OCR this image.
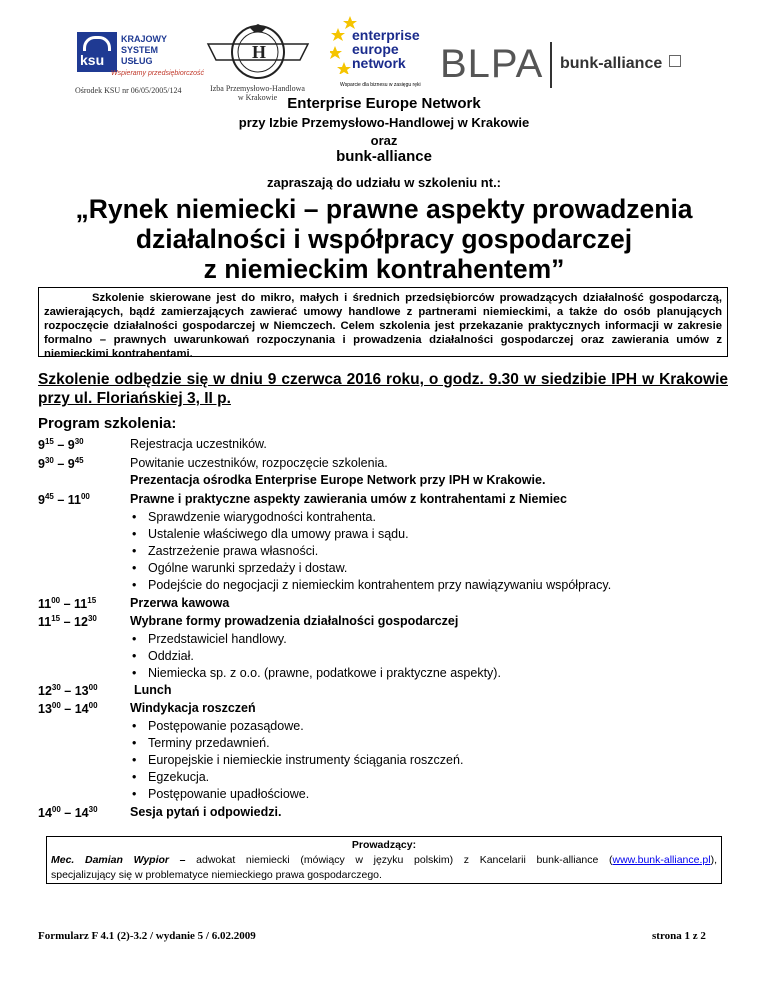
ksu
KRAJOWY
SYSTEM
USŁUG
Wspieramy przedsiębiorczość
Ośrodek KSU nr 06/05/2005/124
H
Izba Przemysłowo-Handlowa
w Krakowie
enterprise
europe
network
Wsparcie dla biznesu w zasięgu ręki BLPA	bunk-alliance
Enterprise Europe Network
przy Izbie Przemysłowo-Handlowej w Krakowie
oraz
bunk-alliance
zapraszają do udziału w szkoleniu nt.:
„Rynek niemiecki – prawne aspekty prowadzenia
działalności i współpracy gospodarczej
z niemieckim kontrahentem”
Szkolenie skierowane jest do mikro, małych i średnich przedsiębiorców prowadzących działalność gospodarczą, zawierających, bądź zamierzających zawierać umowy handlowe z partnerami niemieckimi, a także do osób planujących rozpoczęcie działalności gospodarczej w Niemczech. Celem szkolenia jest przekazanie praktycznych informacji w zakresie formalno – prawnych uwarunkowań rozpoczynania i prowadzenia działalności gospodarczej oraz zawierania umów z niemieckimi kontrahentami.
Szkolenie odbędzie się w dniu 9 czerwca 2016 roku, o godz. 9.30 w siedzibie IPH w Krakowie przy ul. Floriańskiej 3, II p.
Program szkolenia:
$9^{15} - 9^{30}$	Rejestracja uczestników.
$9^{30} - 9^{45}$	Powitanie uczestników, rozpoczęcie szkolenia.
Prezentacja ośrodka Enterprise Europe Network przy IPH w Krakowie.
$9^{45} - 11^{00}$	Prawne i praktyczne aspekty zawierania umów z kontrahentami z Niemiec
• Sprawdzenie wiarygodności kontrahenta.
• Ustalenie właściwego dla umowy prawa i sądu.
• Zastrzeżenie prawa własności.
• Ogólne warunki sprzedaży i dostaw.
• Podejście do negocjacji z niemieckim kontrahentem przy nawiązywaniu współpracy.
$11^{00} - 11^{15}$	Przerwa kawowa
$11^{15} - 12^{30}$	Wybrane formy prowadzenia działalności gospodarczej
• Przedstawiciel handlowy.
• Oddział.
• Niemiecka sp. z o.o. (prawne, podatkowe i praktyczne aspekty).
$12^{30} - 13^{00}$	Lunch
$13^{00} - 14^{00}$	Windykacja roszczeń
• Postępowanie pozasądowe.
• Terminy przedawnień.
• Europejskie i niemieckie instrumenty ściągania roszczeń.
• Egzekucja.
• Postępowanie upadłościowe.
$14^{00} - 14^{30}$	Sesja pytań i odpowiedzi.
Prowadzący:
Mec. Damian Wypior – adwokat niemiecki (mówiący w języku polskim) z Kancelarii bunk-alliance (www.bunk-alliance.pl),
specjalizujący się w problematyce niemieckiego prawa gospodarczego.
Formularz F 4.1 (2)-3.2 / wydanie 5 / 6.02.2009	strona 1 z 2
